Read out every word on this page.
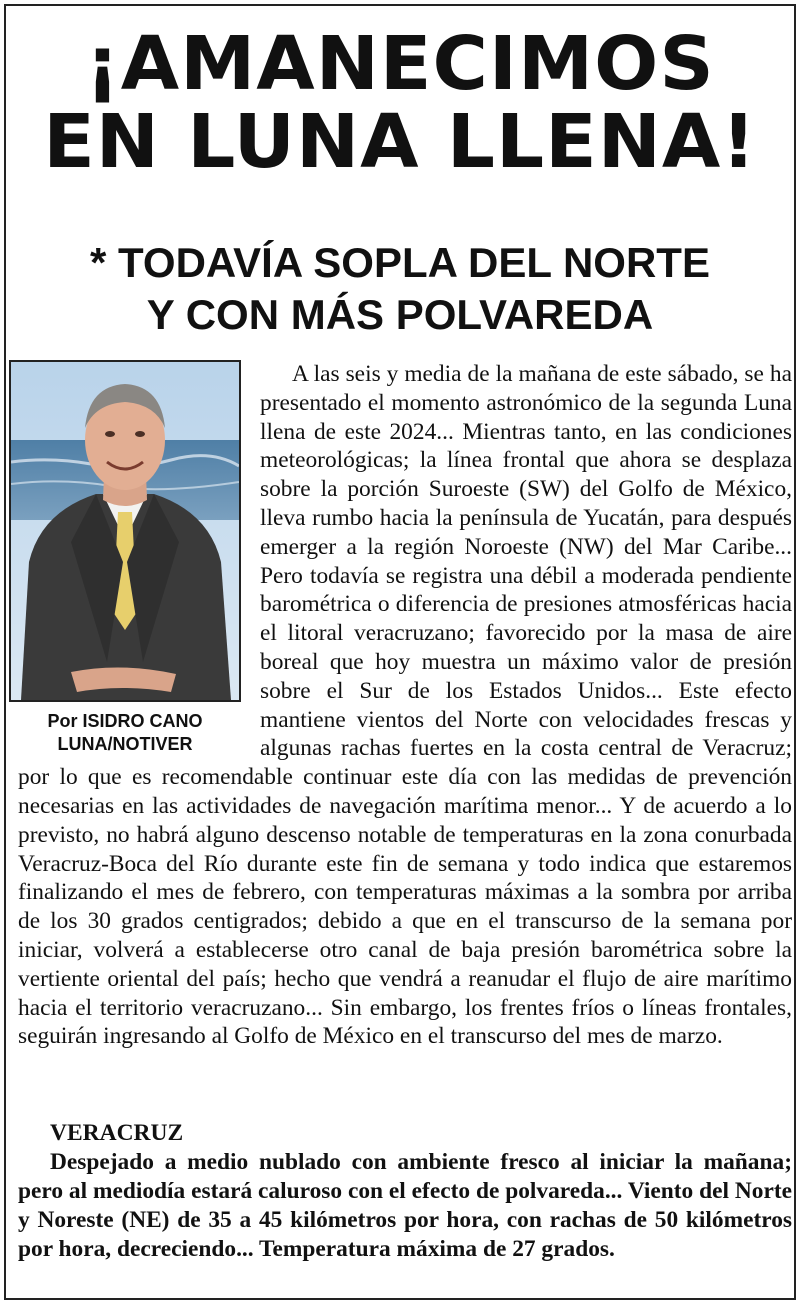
¡AMANECIMOS
EN LUNA LLENA!
* TODAVÍA SOPLA DEL NORTE
Y CON MÁS POLVAREDA

A las seis y media de la mañana de este sábado, se ha presentado el momento astronómico de la segunda Luna llena de este 2024... Mientras tanto, en las condiciones meteorológicas; la línea frontal que ahora se desplaza sobre la porción Suroeste (SW) del Golfo de México, lleva rumbo hacia la península de Yucatán, para después emerger a la región Noroeste (NW) del Mar Caribe... Pero todavía se registra una débil a moderada pendiente barométrica o diferencia de presiones atmosféricas hacia el litoral veracruzano; favorecido por la masa de aire boreal que hoy muestra un máximo valor de presión sobre el Sur de los Estados Unidos... Este efecto mantiene vientos del Norte con velocidades frescas y algunas rachas fuertes en la costa central de Veracruz; por lo que es recomendable continuar este día con las medidas de prevención necesarias en las actividades de navegación marítima menor... Y de acuerdo a lo previsto, no habrá alguno descenso notable de temperaturas en la zona conurbada Veracruz-Boca del Río durante este fin de semana y todo indica que estaremos finalizando el mes de febrero, con temperaturas máximas a la sombra por arriba de los 30 grados centigrados; debido a que en el transcurso de la semana por iniciar, volverá a establecerse otro canal de baja presión barométrica sobre la vertiente oriental del país; hecho que vendrá a reanudar el flujo de aire marítimo hacia el territorio veracruzano... Sin embargo, los frentes fríos o líneas frontales, seguirán ingresando al Golfo de México en el transcurso del mes de marzo.

Por ISIDRO CANO
LUNA/NOTIVER
VERACRUZ

Despejado a medio nublado con ambiente fresco al iniciar la mañana; pero al mediodía estará caluroso con el efecto de polvareda... Viento del Norte y Noreste (NE) de 35 a 45 kilómetros por hora, con rachas de 50 kilómetros por hora, decreciendo... Temperatura máxima de 27 grados.
